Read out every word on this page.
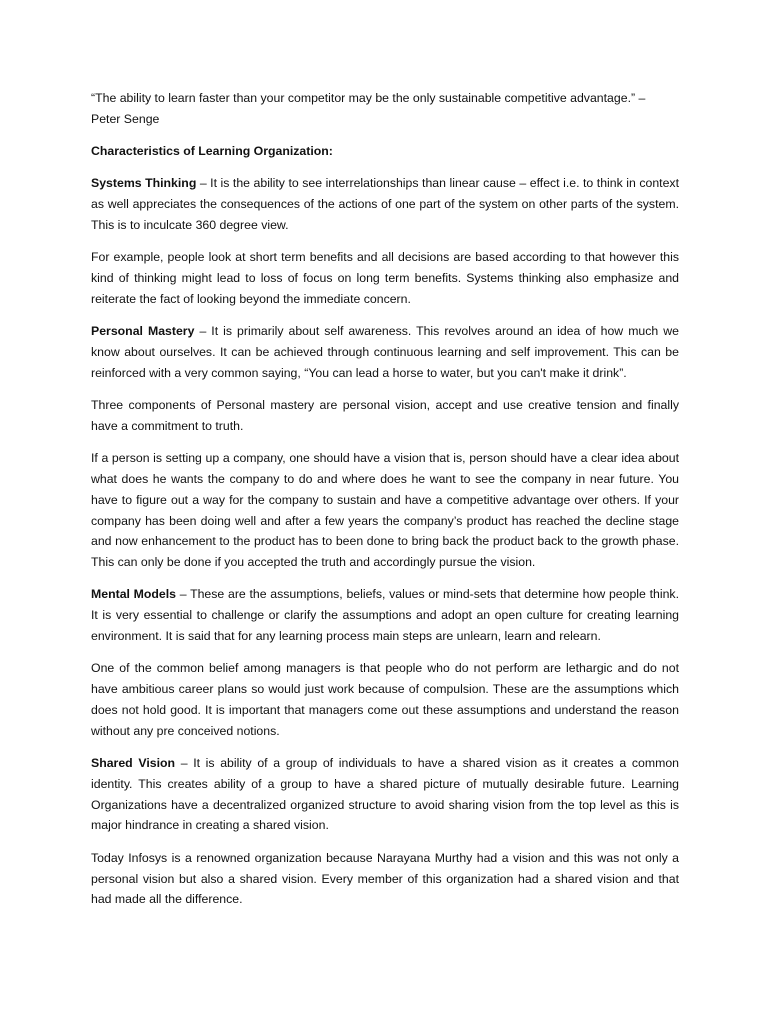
“The ability to learn faster than your competitor may be the only sustainable competitive advantage.” –
Peter Senge

Characteristics of Learning Organization:

Systems Thinking – It is the ability to see interrelationships than linear cause – effect i.e. to think in context as well appreciates the consequences of the actions of one part of the system on other parts of the system. This is to inculcate 360 degree view.

For example, people look at short term benefits and all decisions are based according to that however this kind of thinking might lead to loss of focus on long term benefits. Systems thinking also emphasize and reiterate the fact of looking beyond the immediate concern.

Personal Mastery – It is primarily about self awareness. This revolves around an idea of how much we know about ourselves. It can be achieved through continuous learning and self improvement. This can be reinforced with a very common saying, “You can lead a horse to water, but you can't make it drink”.

Three components of Personal mastery are personal vision, accept and use creative tension and finally have a commitment to truth.

If a person is setting up a company, one should have a vision that is, person should have a clear idea about what does he wants the company to do and where does he want to see the company in near future. You have to figure out a way for the company to sustain and have a competitive advantage over others. If your company has been doing well and after a few years the company’s product has reached the decline stage and now enhancement to the product has to been done to bring back the product back to the growth phase. This can only be done if you accepted the truth and accordingly pursue the vision.

Mental Models – These are the assumptions, beliefs, values or mind-sets that determine how people think. It is very essential to challenge or clarify the assumptions and adopt an open culture for creating learning environment. It is said that for any learning process main steps are unlearn, learn and relearn.

One of the common belief among managers is that people who do not perform are lethargic and do not have ambitious career plans so would just work because of compulsion. These are the assumptions which does not hold good. It is important that managers come out these assumptions and understand the reason without any pre conceived notions.

Shared Vision – It is ability of a group of individuals to have a shared vision as it creates a common identity. This creates ability of a group to have a shared picture of mutually desirable future. Learning Organizations have a decentralized organized structure to avoid sharing vision from the top level as this is major hindrance in creating a shared vision.

Today Infosys is a renowned organization because Narayana Murthy had a vision and this was not only a personal vision but also a shared vision. Every member of this organization had a shared vision and that had made all the difference.
